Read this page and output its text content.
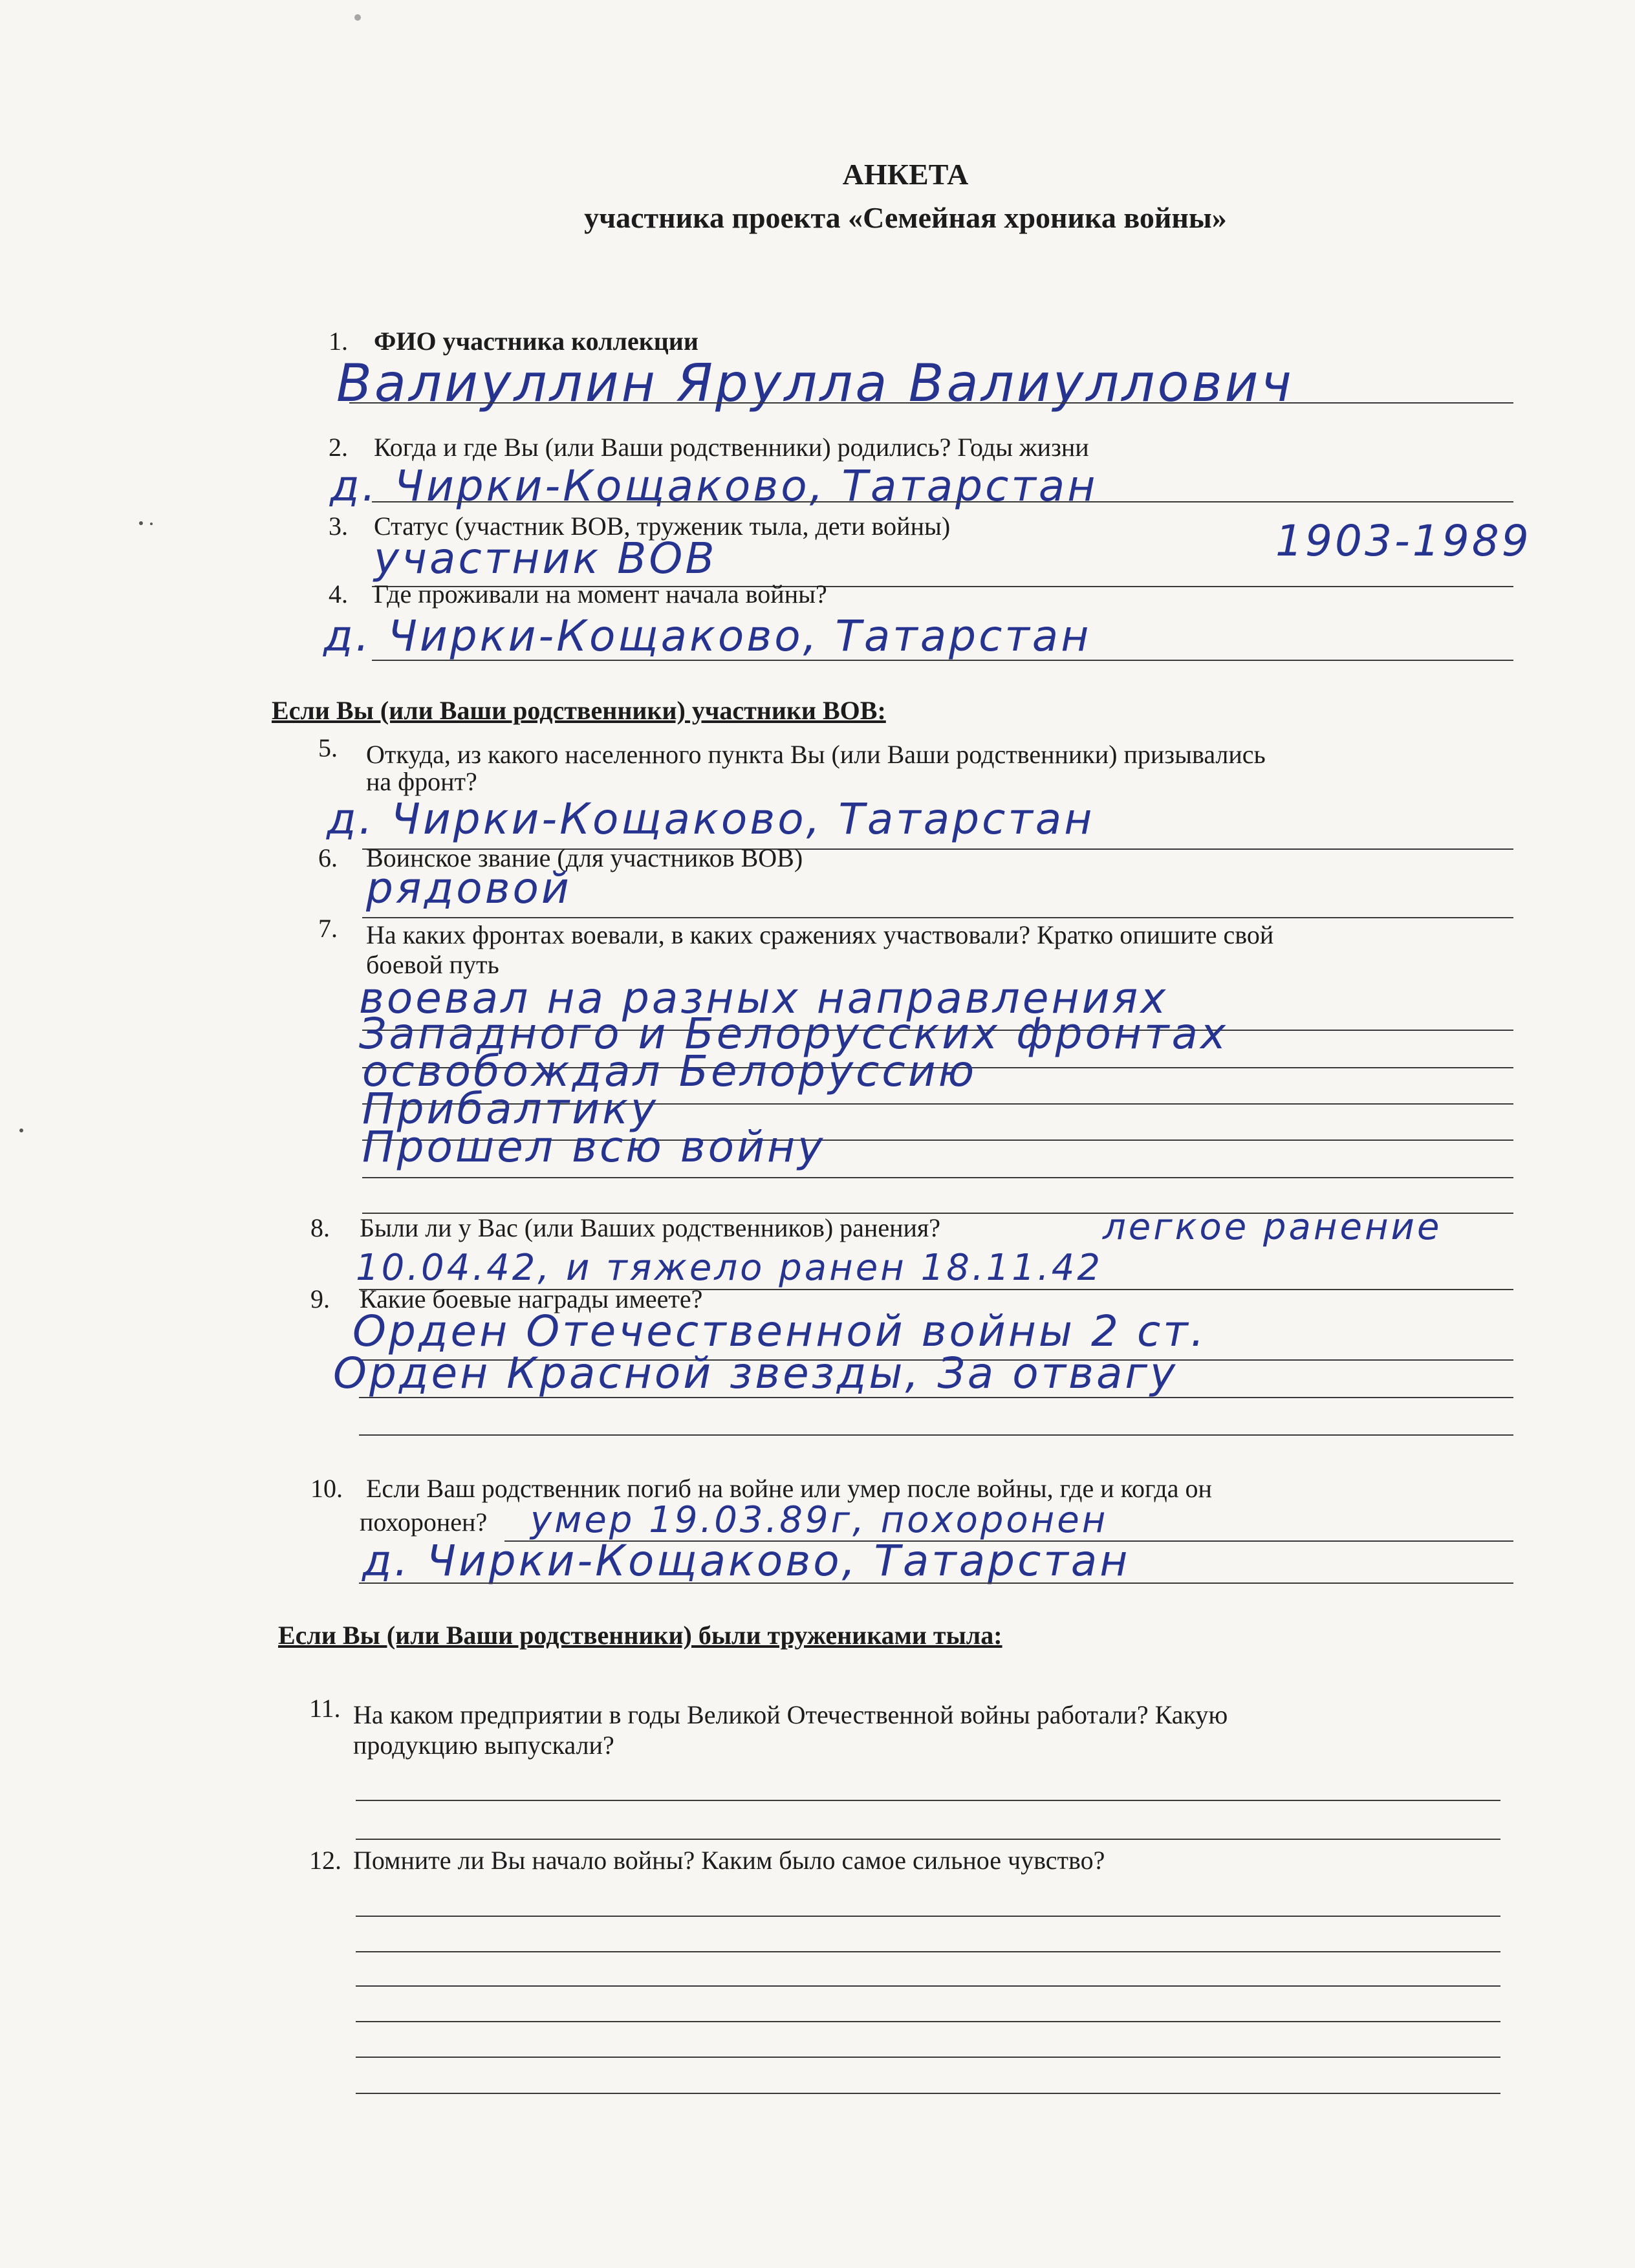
АНКЕТА
участника проекта «Семейная хроника войны»
1. ФИО участника коллекции
Валиуллин Ярулла Валиуллович
2. Когда и где Вы (или Ваши родственники) родились? Годы жизни
д. Чирки-Кощаково, Татарстан
1903-1989
3. Статус (участник ВОВ, труженик тыла, дети войны)
участник ВОВ
4. Где проживали на момент начала войны?
д. Чирки-Кощаково, Татарстан
Если Вы (или Ваши родственники) участники ВОВ:
5. Откуда, из какого населенного пункта Вы (или Ваши родственники) призывались
на фронт?
д. Чирки-Кощаково, Татарстан
6. Воинское звание (для участников ВОВ)
рядовой
7. На каких фронтах воевали, в каких сражениях участвовали? Кратко опишите свой
боевой путь
воевал на разных направлениях
Западного и Белорусских фронтах
освобождал Белоруссию
Прибалтику
Прошел всю войну
8. Были ли у Вас (или Ваших родственников) ранения?	легкое ранение
10.04.42, и тяжело ранен 18.11.42
9. Какие боевые награды имеете?
Орден Отечественной войны 2 ст.
Орден Красной звезды, За отвагу
10. Если Ваш родственник погиб на войне или умер после войны, где и когда он
похоронен? умер 19.03.89г, похоронен
д. Чирки-Кощаково, Татарстан
Если Вы (или Ваши родственники) были тружениками тыла:
11. На каком предприятии в годы Великой Отечественной войны работали? Какую
продукцию выпускали?
12. Помните ли Вы начало войны? Каким было самое сильное чувство?
